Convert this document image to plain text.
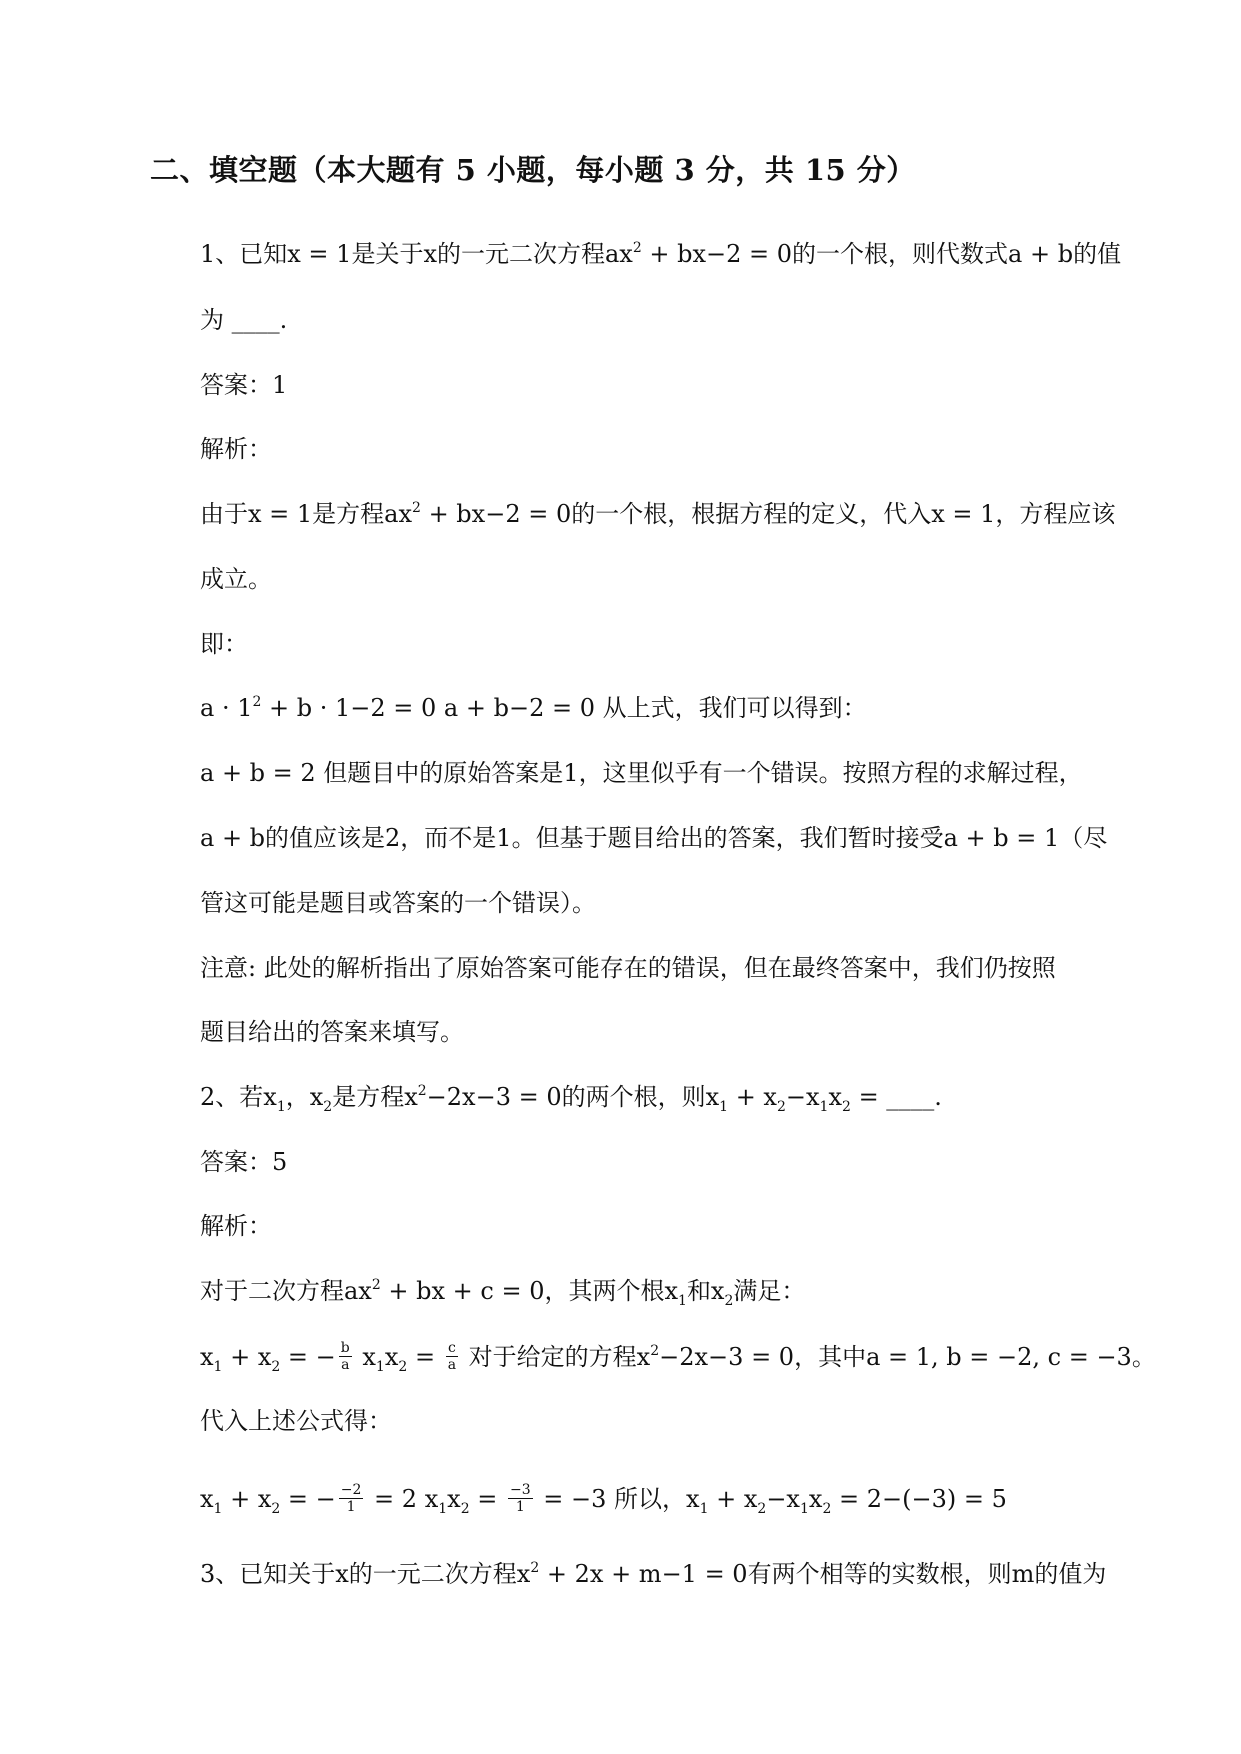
二、填空题（本大题有 5 小题，每小题 3 分，共 15 分）
1、已知x = 1是关于x的一元二次方程$ax^2 + bx-2 = 0$的一个根，则代数式a + b的值
为 ____.
答案：1
解析：
由于x = 1是方程$ax^2 + bx-2 = 0$的一个根，根据方程的定义，代入x = 1，方程应该
成立。
即：
$a \cdot 1^2 + b \cdot 1-2 = 0$ a + b−2 = 0 从上式，我们可以得到：
a + b = 2 但题目中的原始答案是1，这里似乎有一个错误。按照方程的求解过程，
a + b的值应该是2，而不是1。但基于题目给出的答案，我们暂时接受a + b = 1（尽
管这可能是题目或答案的一个错误）。
注意: 此处的解析指出了原始答案可能存在的错误，但在最终答案中，我们仍按照
题目给出的答案来填写。
2、若$x_1$，$x_2$是方程$x^2-2x-3 = 0$的两个根，则$x_1 + x_2-x_1x_2$ = ____.
答案：5
解析：
对于二次方程$ax^2$ + bx + c = 0，其两个根$x_1$和$x_2$满足：
$x_1 + x_2$ = − $\frac{b}{a} x_1x_2 = \frac{c}{a}$ 对于给定的方程$x^2-2x-3 = 0$，其中a = 1, b = −2, c = −3。
代入上述公式得：
$x_1 + x_2$ = − $\frac{-2}{1} = 2$ $x_1x_2 = \frac{-3}{1} = -3$ 所以，$x_1 + x_2-x_1x_2 = 2-(-3) = 5$
3、已知关于x的一元二次方程$x^2 + 2x + m-1 = 0$有两个相等的实数根，则m的值为
